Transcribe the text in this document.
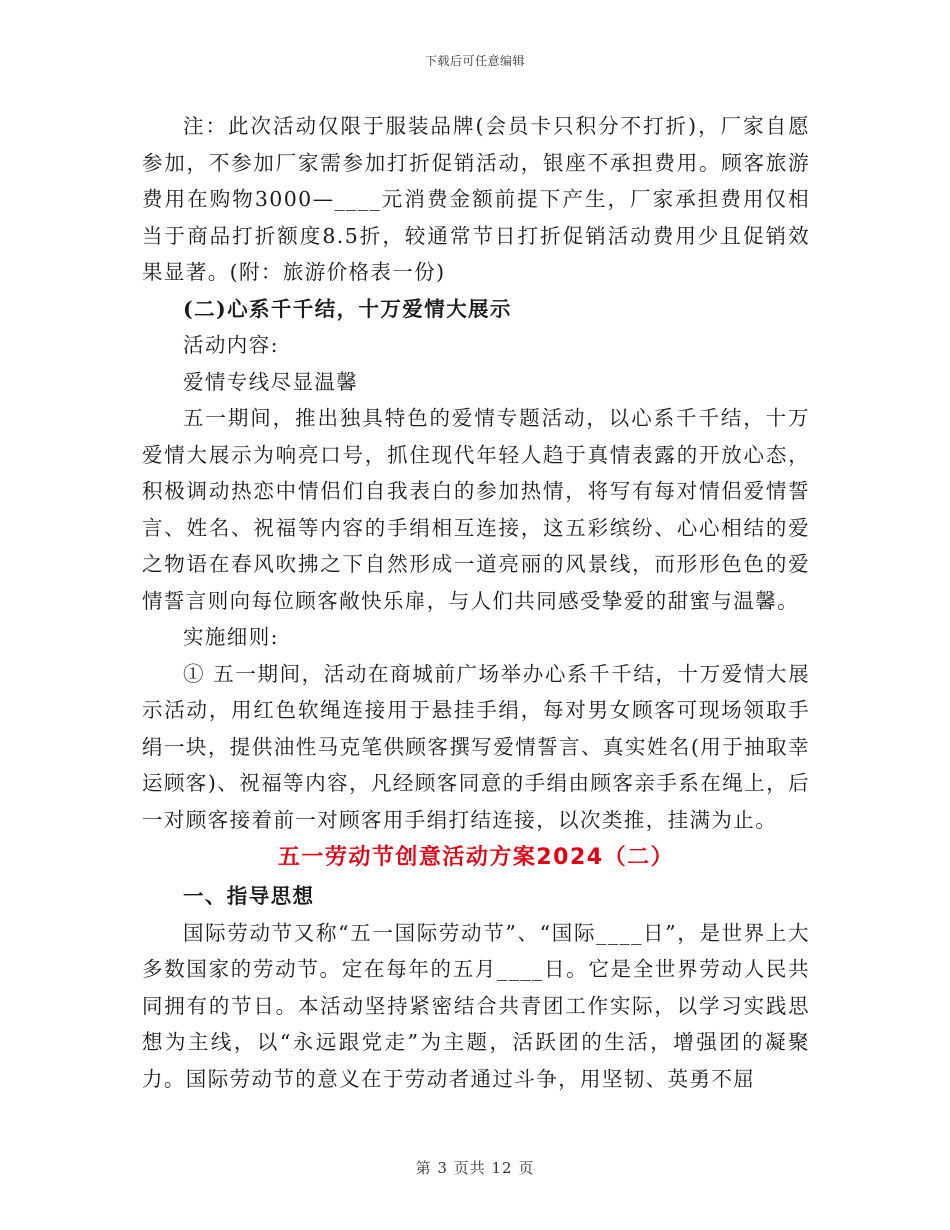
下载后可任意编辑

注：此次活动仅限于服装品牌(会员卡只积分不打折)，厂家自愿参加，不参加厂家需参加打折促销活动，银座不承担费用。顾客旅游费用在购物3000—____元消费金额前提下产生，厂家承担费用仅相当于商品打折额度8.5折，较通常节日打折促销活动费用少且促销效果显著。(附：旅游价格表一份)

(二)心系千千结，十万爱情大展示

活动内容:

爱情专线尽显温馨

五一期间，推出独具特色的爱情专题活动，以心系千千结，十万爱情大展示为响亮口号，抓住现代年轻人趋于真情表露的开放心态，积极调动热恋中情侣们自我表白的参加热情，将写有每对情侣爱情誓言、姓名、祝福等内容的手绢相互连接，这五彩缤纷、心心相结的爱之物语在春风吹拂之下自然形成一道亮丽的风景线，而形形色色的爱情誓言则向每位顾客敞快乐扉，与人们共同感受挚爱的甜蜜与温馨。

实施细则:

① 五一期间，活动在商城前广场举办心系千千结，十万爱情大展示活动，用红色软绳连接用于悬挂手绢，每对男女顾客可现场领取手绢一块，提供油性马克笔供顾客撰写爱情誓言、真实姓名(用于抽取幸运顾客)、祝福等内容，凡经顾客同意的手绢由顾客亲手系在绳上，后一对顾客接着前一对顾客用手绢打结连接，以次类推，挂满为止。

五一劳动节创意活动方案2024（二）

一、指导思想

国际劳动节又称“五一国际劳动节”、“国际____日”，是世界上大多数国家的劳动节。定在每年的五月____日。它是全世界劳动人民共同拥有的节日。本活动坚持紧密结合共青团工作实际，以学习实践思想为主线，以“永远跟党走”为主题，活跃团的生活，增强团的凝聚力。国际劳动节的意义在于劳动者通过斗争，用坚韧、英勇不屈

第 3 页共 12 页
